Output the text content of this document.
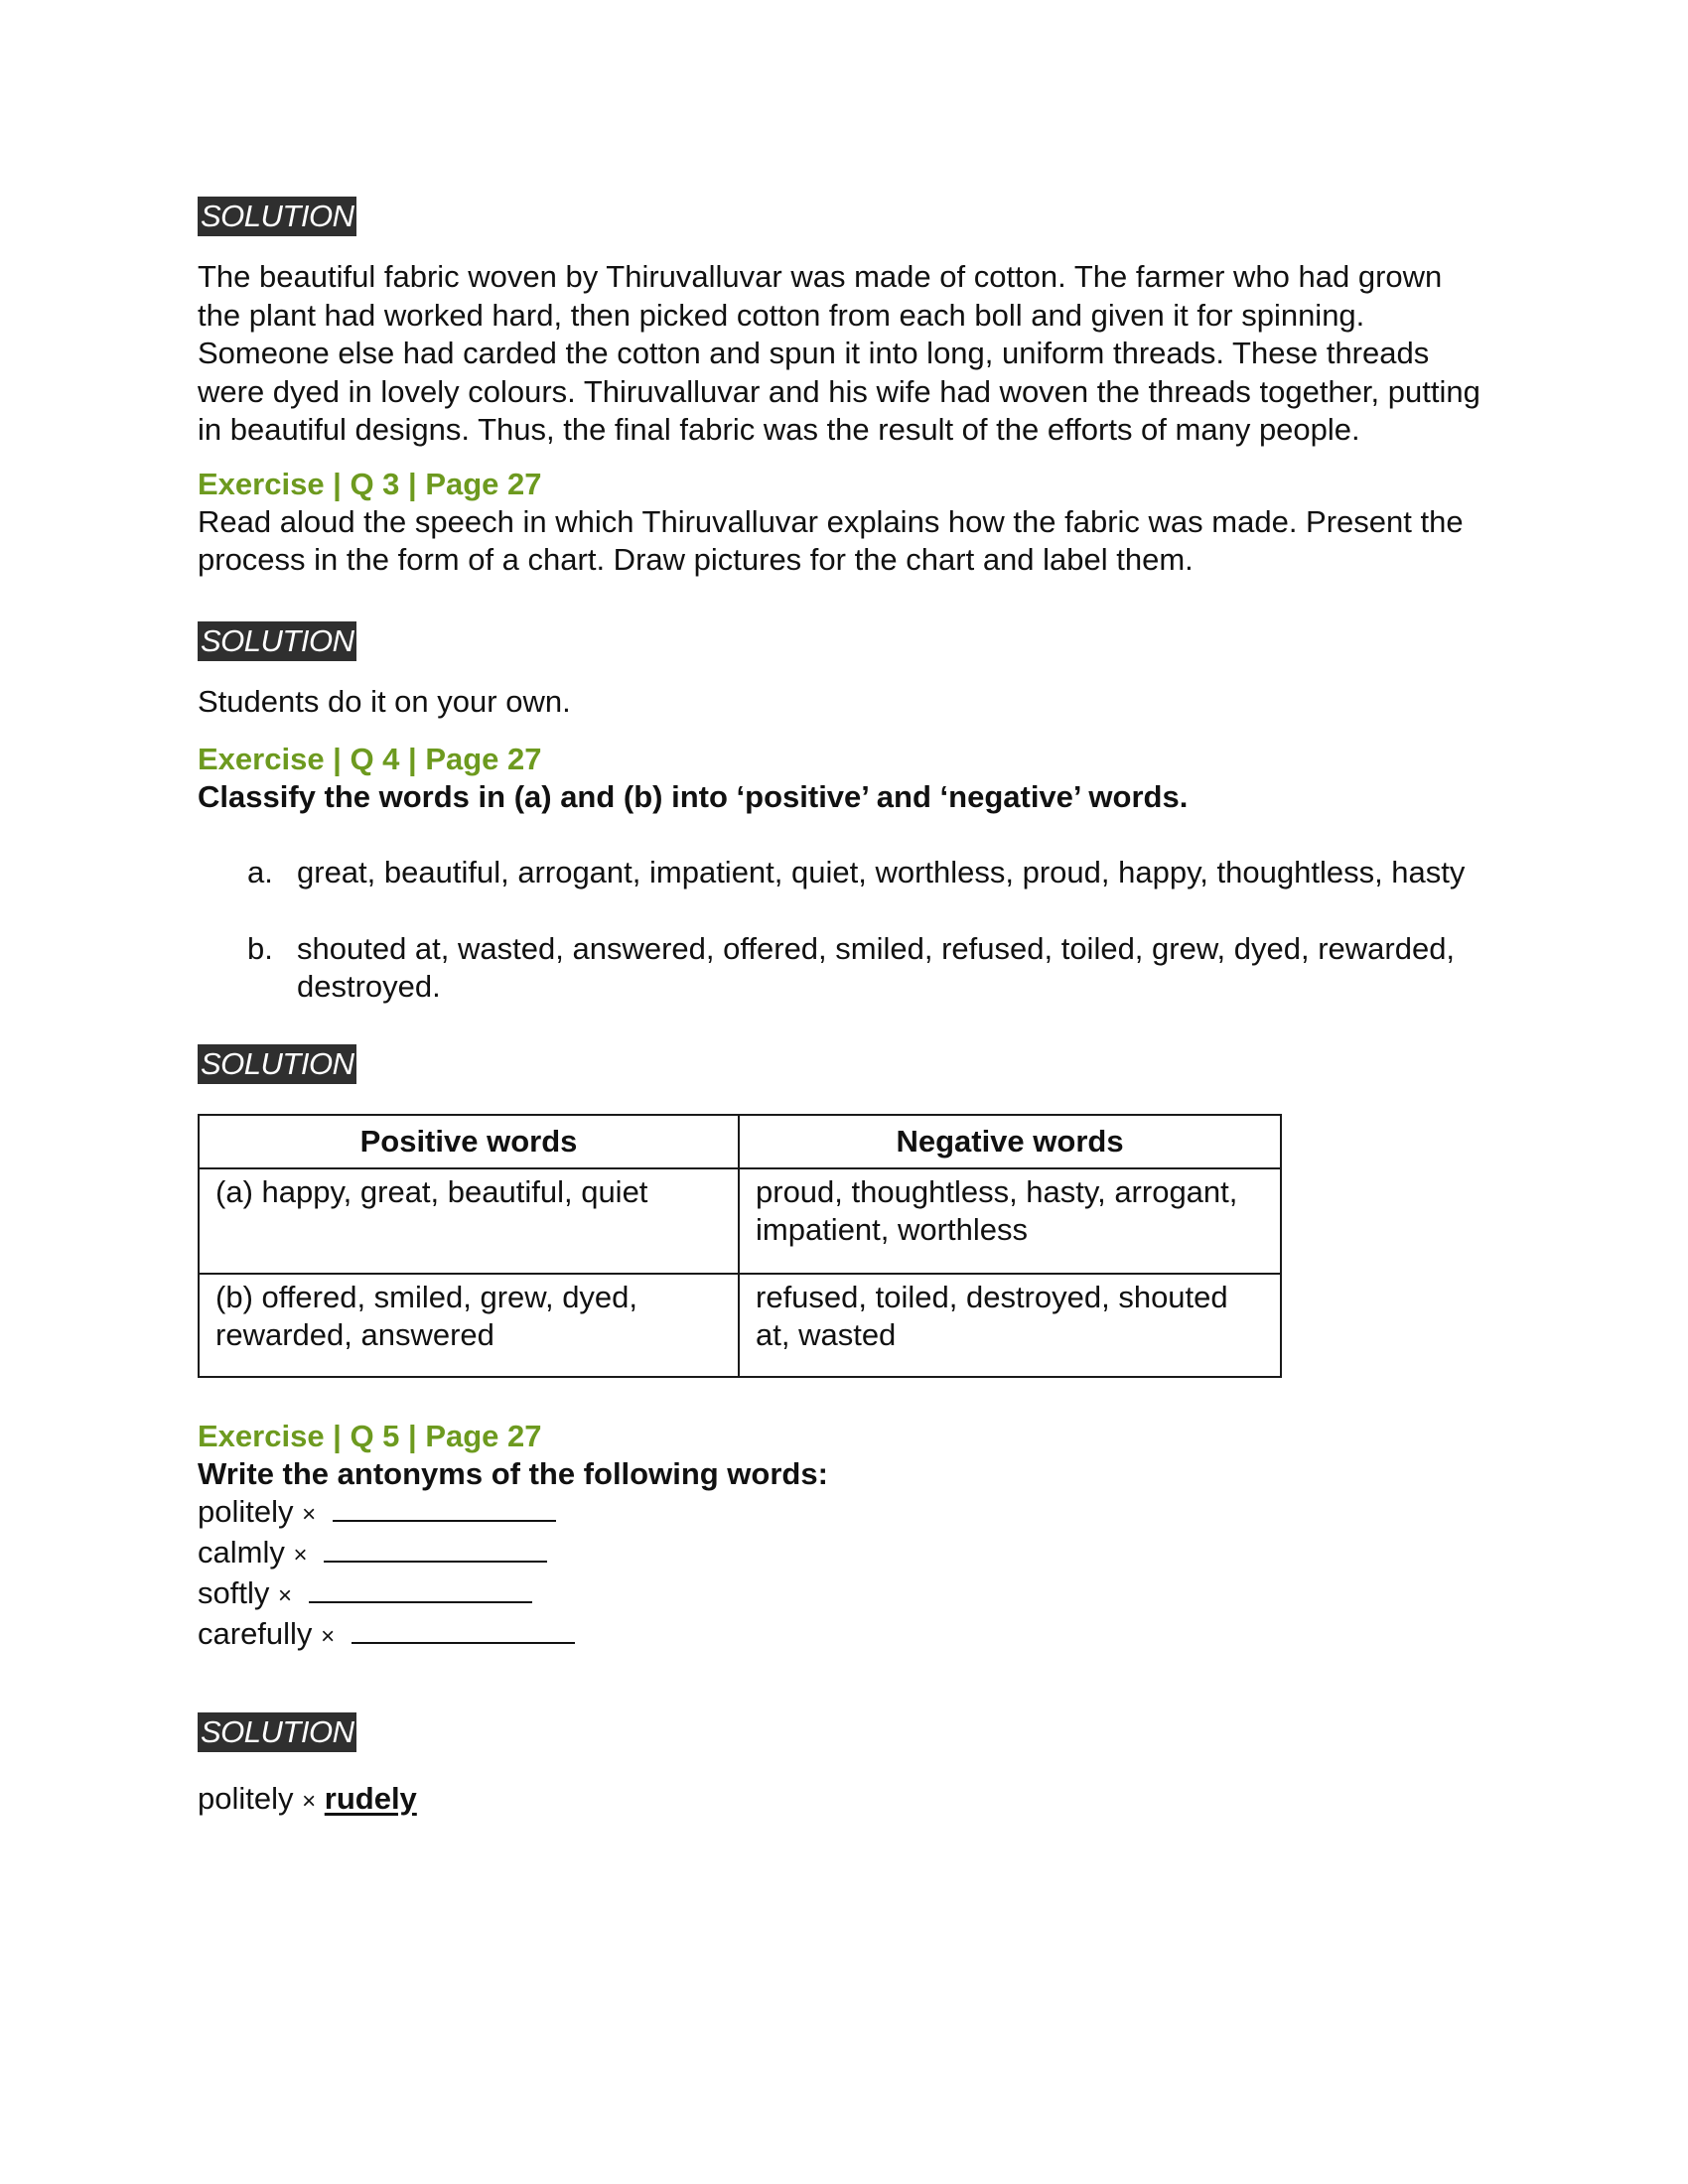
SOLUTION

The beautiful fabric woven by Thiruvalluvar was made of cotton. The farmer who had grown the plant had worked hard, then picked cotton from each boll and given it for spinning. Someone else had carded the cotton and spun it into long, uniform threads. These threads were dyed in lovely colours. Thiruvalluvar and his wife had woven the threads together, putting in beautiful designs. Thus, the final fabric was the result of the efforts of many people.

Exercise | Q 3 | Page 27

Read aloud the speech in which Thiruvalluvar explains how the fabric was made. Present the process in the form of a chart. Draw pictures for the chart and label them.

SOLUTION

Students do it on your own.

Exercise | Q 4 | Page 27

Classify the words in (a) and (b) into ‘positive’ and ‘negative’ words.

a. great, beautiful, arrogant, impatient, quiet, worthless, proud, happy, thoughtless, hasty
b. shouted at, wasted, answered, offered, smiled, refused, toiled, grew, dyed, rewarded, destroyed.
SOLUTION
Positive words	Negative words
(a) happy, great, beautiful, quiet	proud, thoughtless, hasty, arrogant, impatient, worthless
(b) offered, smiled, grew, dyed, rewarded, answered	refused, toiled, destroyed, shouted at, wasted

Exercise | Q 5 | Page 27

Write the antonyms of the following words:

politely ×

calmly ×

softly ×

carefully ×

SOLUTION

politely × rudely
